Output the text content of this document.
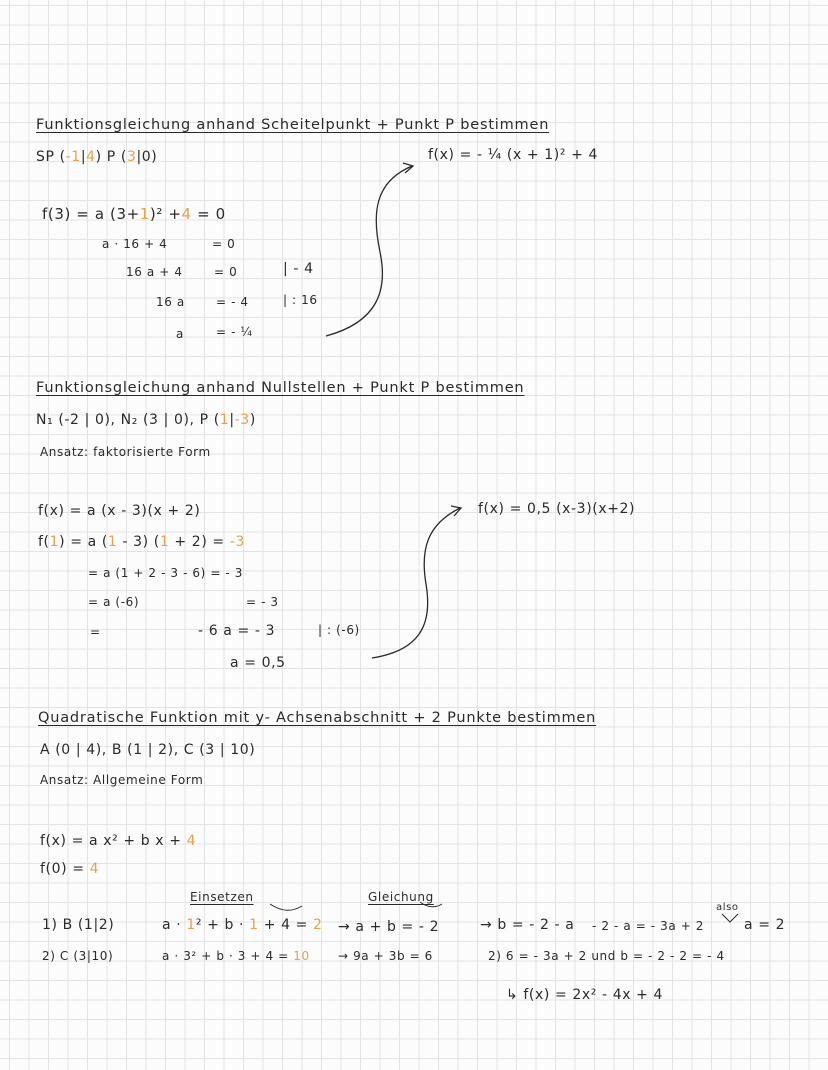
Funktionsgleichung anhand Scheitelpunkt + Punkt P bestimmen
SP (-1|4) P (3|0)	f(x) = - ¼ (x + 1)² + 4
f(3) = a (3+1)² +4 = 0
a · 16 + 4	= 0
16 a + 4	= 0	| - 4
16 a	= - 4	| : 16
a	= - ¼
Funktionsgleichung anhand Nullstellen + Punkt P bestimmen
N₁ (-2 | 0), N₂ (3 | 0), P (1|-3)
Ansatz: faktorisierte Form
f(x) = 0,5 (x-3)(x+2)
f(x) = a (x - 3)(x + 2)
f(1) = a (1 - 3) (1 + 2) = -3
= a (1 + 2 - 3 - 6) = - 3
= a (-6)	= - 3
=	- 6 a = - 3	| : (-6)
a = 0,5
Quadratische Funktion mit y- Achsenabschnitt + 2 Punkte bestimmen
A (0 | 4), B (1 | 2), C (3 | 10)
Ansatz: Allgemeine Form
f(x) = a x² + b x + 4
f(0) = 4
Einsetzen	Gleichung
1) B (1|2)	a · 1² + b · 1 + 4 = 2 → a + b = - 2	→ b = - 2 - a - 2 - a = - 3a + 2
also
a = 2
2) C (3|10)	a · 3² + b · 3 + 4 = 10 → 9a + 3b = 6	2) 6 = - 3a + 2 und b = - 2 - 2 = - 4
↳ f(x) = 2x² - 4x + 4
